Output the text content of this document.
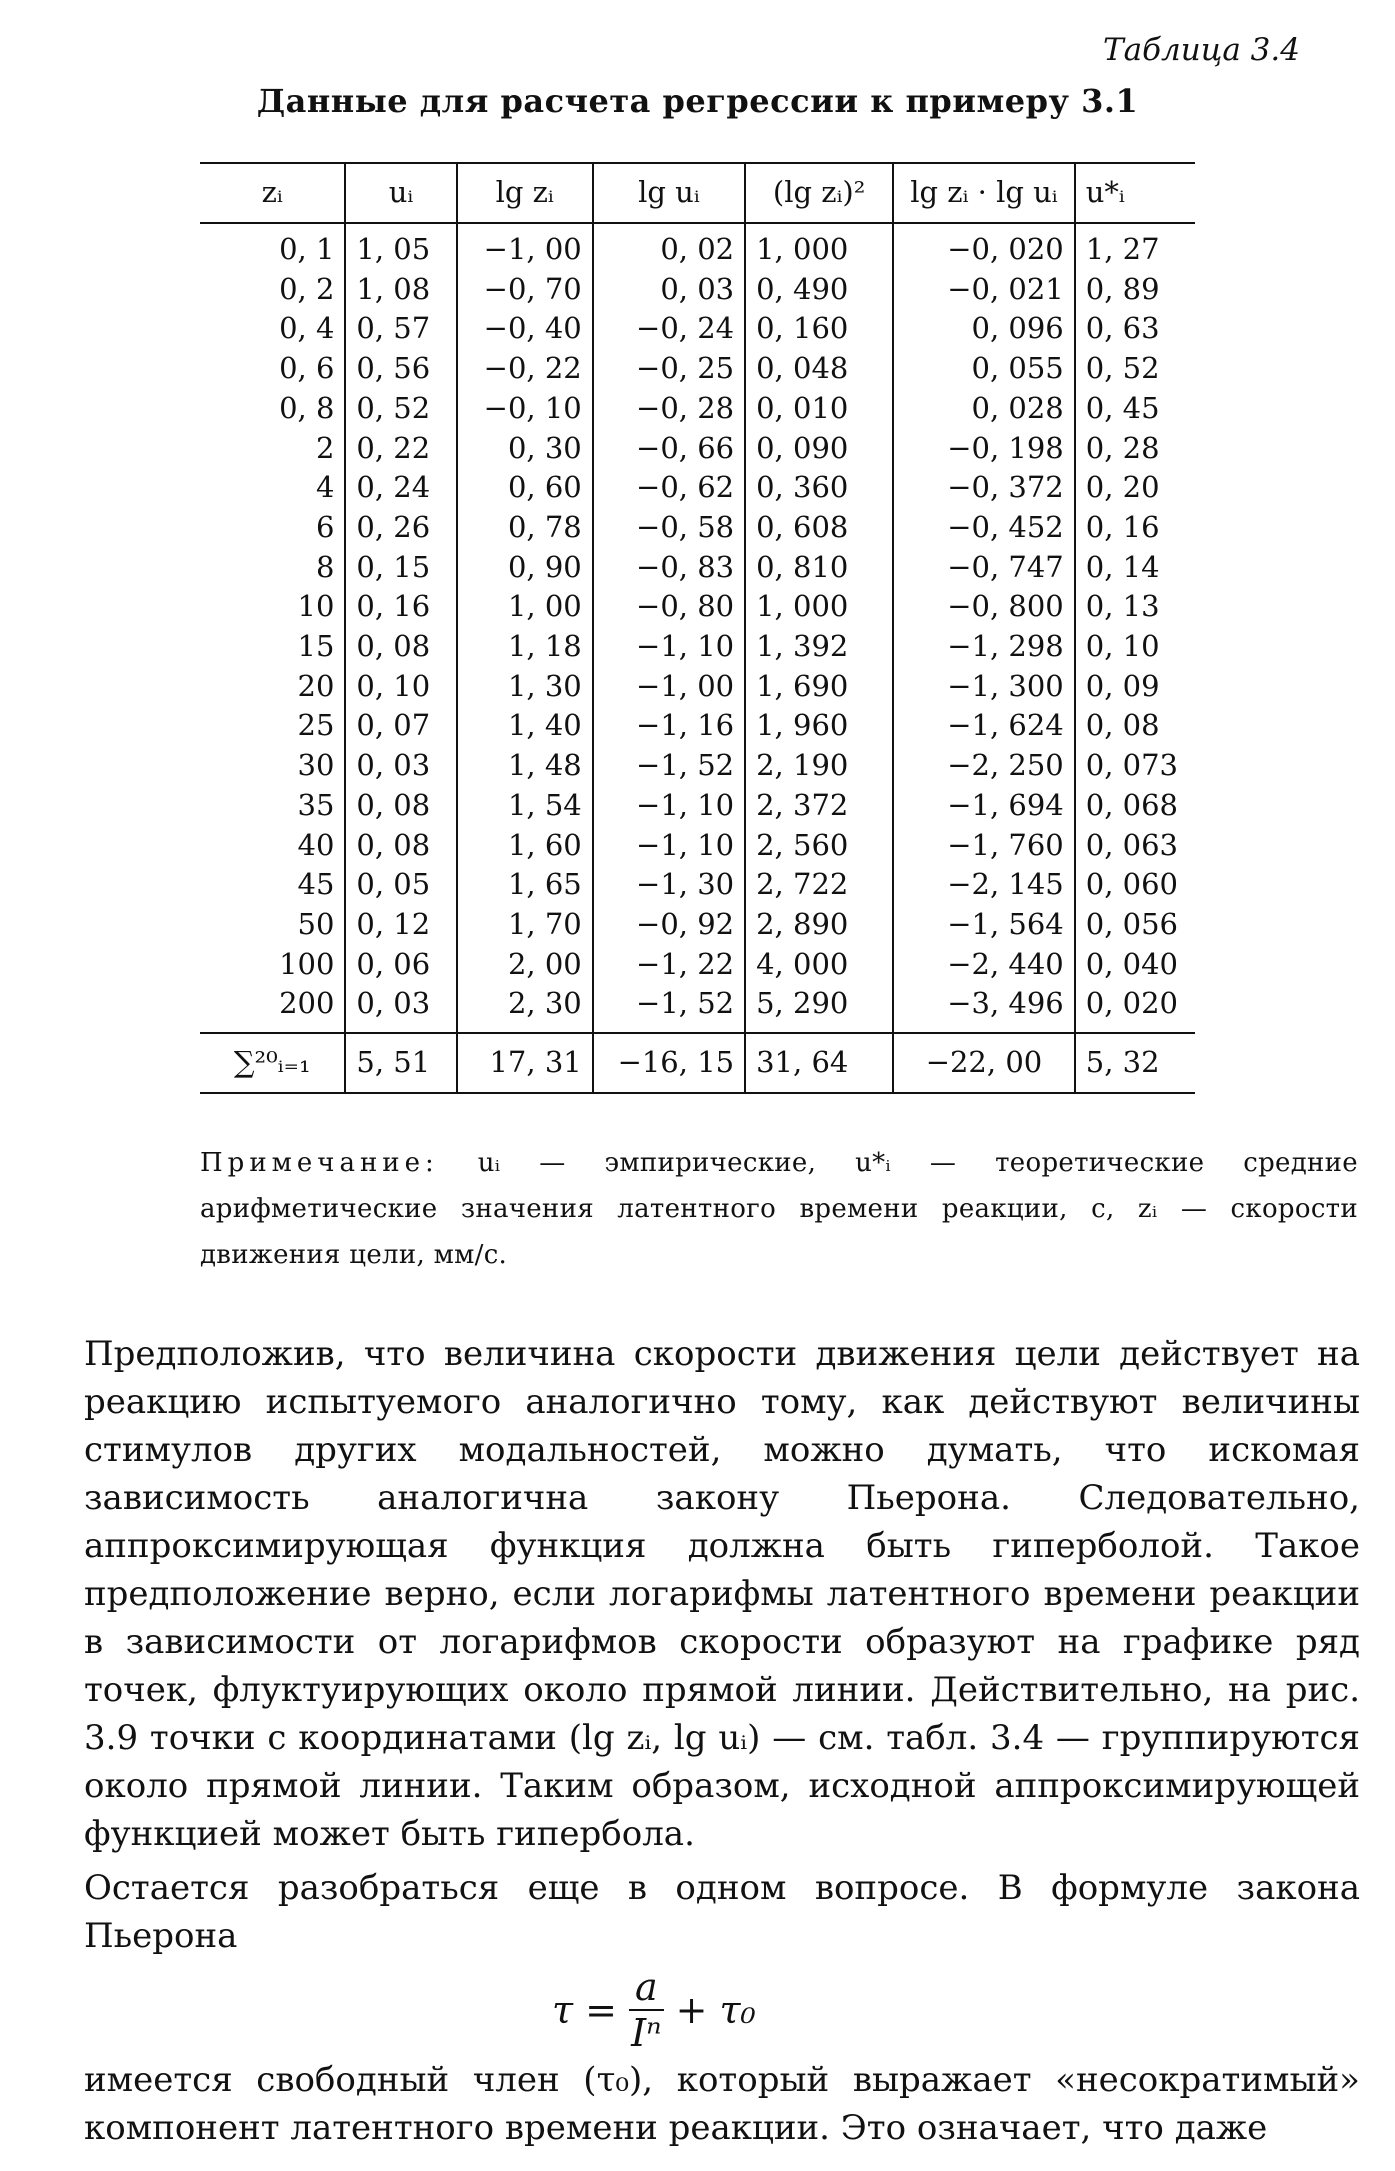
Таблица 3.4
Данные для расчета регрессии к примеру 3.1
zᵢ	uᵢ	lg zᵢ	lg uᵢ	(lg zᵢ)²	lg zᵢ · lg uᵢ	u*ᵢ
0, 1	1, 05	−1, 00	0, 02	1, 000	−0, 020	1, 27
0, 2	1, 08	−0, 70	0, 03	0, 490	−0, 021	0, 89
0, 4	0, 57	−0, 40	−0, 24	0, 160	0, 096	0, 63
0, 6	0, 56	−0, 22	−0, 25	0, 048	0, 055	0, 52
0, 8	0, 52	−0, 10	−0, 28	0, 010	0, 028	0, 45
2	0, 22	0, 30	−0, 66	0, 090	−0, 198	0, 28
4	0, 24	0, 60	−0, 62	0, 360	−0, 372	0, 20
6	0, 26	0, 78	−0, 58	0, 608	−0, 452	0, 16
8	0, 15	0, 90	−0, 83	0, 810	−0, 747	0, 14
10	0, 16	1, 00	−0, 80	1, 000	−0, 800	0, 13
15	0, 08	1, 18	−1, 10	1, 392	−1, 298	0, 10
20	0, 10	1, 30	−1, 00	1, 690	−1, 300	0, 09
25	0, 07	1, 40	−1, 16	1, 960	−1, 624	0, 08
30	0, 03	1, 48	−1, 52	2, 190	−2, 250	0, 073
35	0, 08	1, 54	−1, 10	2, 372	−1, 694	0, 068
40	0, 08	1, 60	−1, 10	2, 560	−1, 760	0, 063
45	0, 05	1, 65	−1, 30	2, 722	−2, 145	0, 060
50	0, 12	1, 70	−0, 92	2, 890	−1, 564	0, 056
100	0, 06	2, 00	−1, 22	4, 000	−2, 440	0, 040
200	0, 03	2, 30	−1, 52	5, 290	−3, 496	0, 020
∑²⁰ᵢ₌₁	5, 51	17, 31	−16, 15	31, 64	−22, 00	5, 32
Примечание: uᵢ — эмпирические, u*ᵢ — теоретические средние арифметические значения латентного времени реакции, с, zᵢ — скорости движения цели, мм/с.

Предположив, что величина скорости движения цели действует на реакцию испытуемого аналогично тому, как действуют величины стимулов других модальностей, можно думать, что искомая зависимость аналогична закону Пьерона. Следовательно, аппроксимирующая функция должна быть гиперболой. Такое предположение верно, если логарифмы латентного времени реакции в зависимости от логарифмов скорости образуют на графике ряд точек, флуктуирующих около прямой линии. Действительно, на рис. 3.9 точки с координатами (lg zᵢ, lg uᵢ) — см. табл. 3.4 — группируются около прямой линии. Таким образом, исходной аппроксимирующей функцией может быть гипербола.

Остается разобраться еще в одном вопросе. В формуле закона Пьерона

$\tau = \frac{a}{\text{Iⁿ}} + \tau_0$

имеется свободный член (τ₀), который выражает «несократимый» компонент латентного времени реакции. Это означает, что даже
